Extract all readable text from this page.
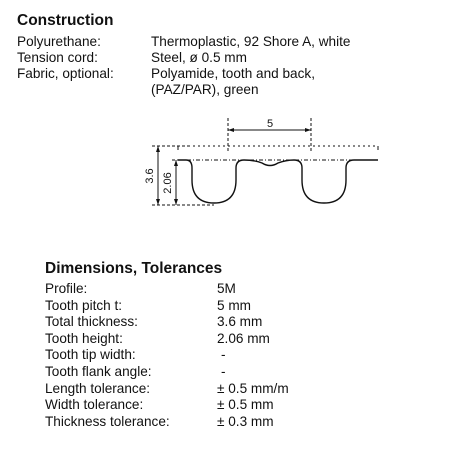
Construction
Polyurethane:	Thermoplastic, 92 Shore A, white
Tension cord:	Steel, ø 0.5 mm
Fabric, optional:	Polyamide, tooth and back,
(PAZ/PAR), green
5
3.6 2.06
Dimensions, Tolerances
Profile:	5M
Tooth pitch t:	5 mm
Total thickness:	3.6 mm
Tooth height:	2.06 mm
Tooth tip width:	-
Tooth flank angle:	-
Length tolerance:	± 0.5 mm/m
Width tolerance:	± 0.5 mm
Thickness tolerance:	± 0.3 mm
